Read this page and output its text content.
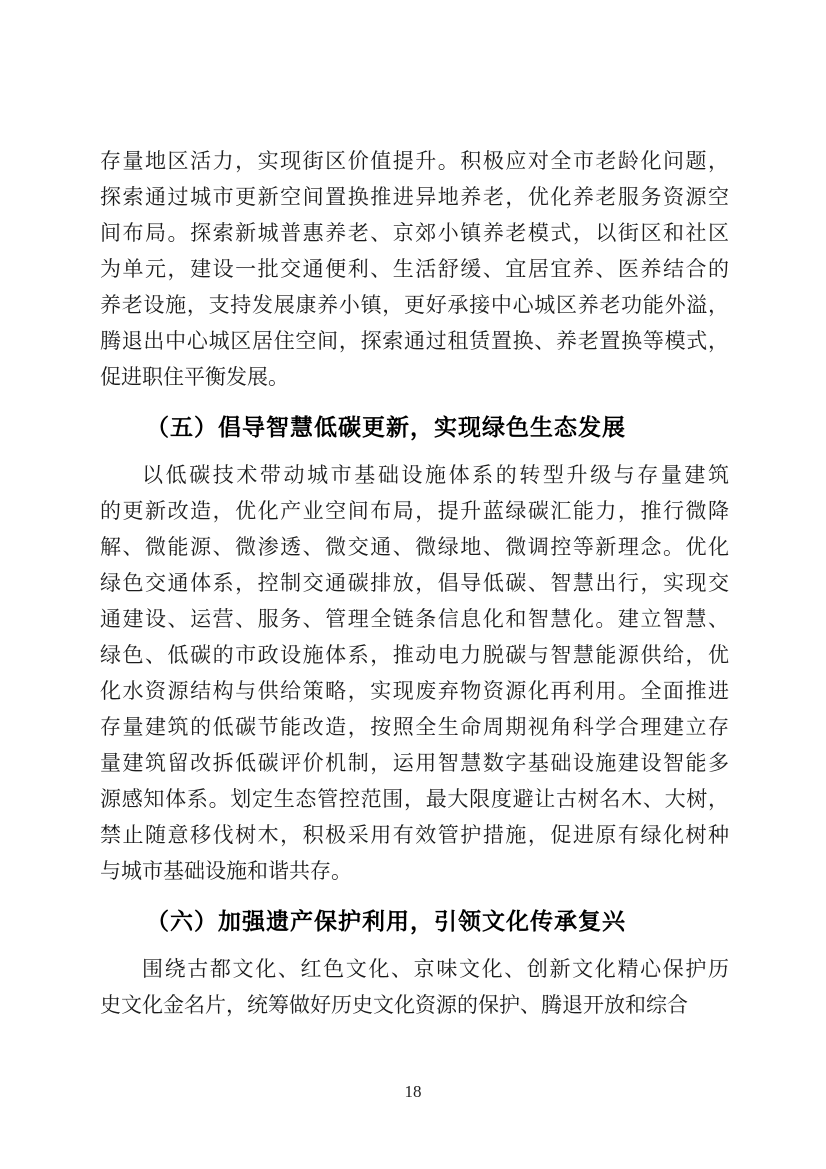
存量地区活力，实现街区价值提升。积极应对全市老龄化问题，
探索通过城市更新空间置换推进异地养老，优化养老服务资源空
间布局。探索新城普惠养老、京郊小镇养老模式，以街区和社区
为单元，建设一批交通便利、生活舒缓、宜居宜养、医养结合的
养老设施，支持发展康养小镇，更好承接中心城区养老功能外溢，
腾退出中心城区居住空间，探索通过租赁置换、养老置换等模式，
促进职住平衡发展。

（五）倡导智慧低碳更新，实现绿色生态发展

以低碳技术带动城市基础设施体系的转型升级与存量建筑
的更新改造，优化产业空间布局，提升蓝绿碳汇能力，推行微降
解、微能源、微渗透、微交通、微绿地、微调控等新理念。优化
绿色交通体系，控制交通碳排放，倡导低碳、智慧出行，实现交
通建设、运营、服务、管理全链条信息化和智慧化。建立智慧、
绿色、低碳的市政设施体系，推动电力脱碳与智慧能源供给，优
化水资源结构与供给策略，实现废弃物资源化再利用。全面推进
存量建筑的低碳节能改造，按照全生命周期视角科学合理建立存
量建筑留改拆低碳评价机制，运用智慧数字基础设施建设智能多
源感知体系。划定生态管控范围，最大限度避让古树名木、大树，
禁止随意移伐树木，积极采用有效管护措施，促进原有绿化树种
与城市基础设施和谐共存。

（六）加强遗产保护利用，引领文化传承复兴

围绕古都文化、红色文化、京味文化、创新文化精心保护历
史文化金名片，统筹做好历史文化资源的保护、腾退开放和综合

18
